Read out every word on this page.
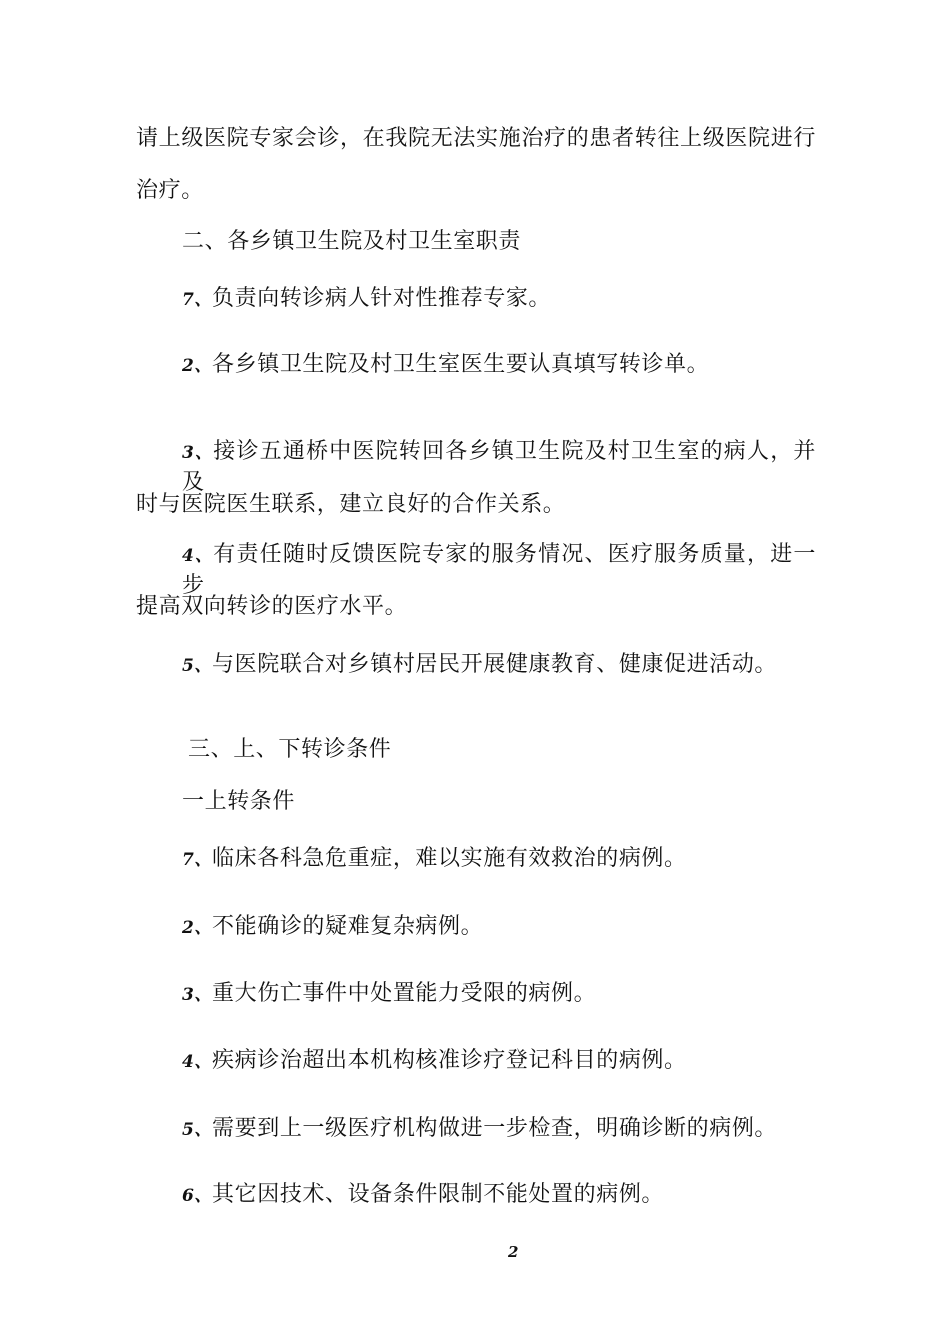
请上级医院专家会诊，在我院无法实施治疗的患者转往上级医院进行
治疗。
二、各乡镇卫生院及村卫生室职责
7、负责向转诊病人针对性推荐专家。
2、各乡镇卫生院及村卫生室医生要认真填写转诊单。
3、接诊五通桥中医院转回各乡镇卫生院及村卫生室的病人，并及
时与医院医生联系，建立良好的合作关系。
4、有责任随时反馈医院专家的服务情况、医疗服务质量，进一步
提高双向转诊的医疗水平。
5、与医院联合对乡镇村居民开展健康教育、健康促进活动。
三、上、下转诊条件
一上转条件
7、临床各科急危重症，难以实施有效救治的病例。
2、不能确诊的疑难复杂病例。
3、重大伤亡事件中处置能力受限的病例。
4、疾病诊治超出本机构核准诊疗登记科目的病例。
5、需要到上一级医疗机构做进一步检查，明确诊断的病例。
6、其它因技术、设备条件限制不能处置的病例。
2
